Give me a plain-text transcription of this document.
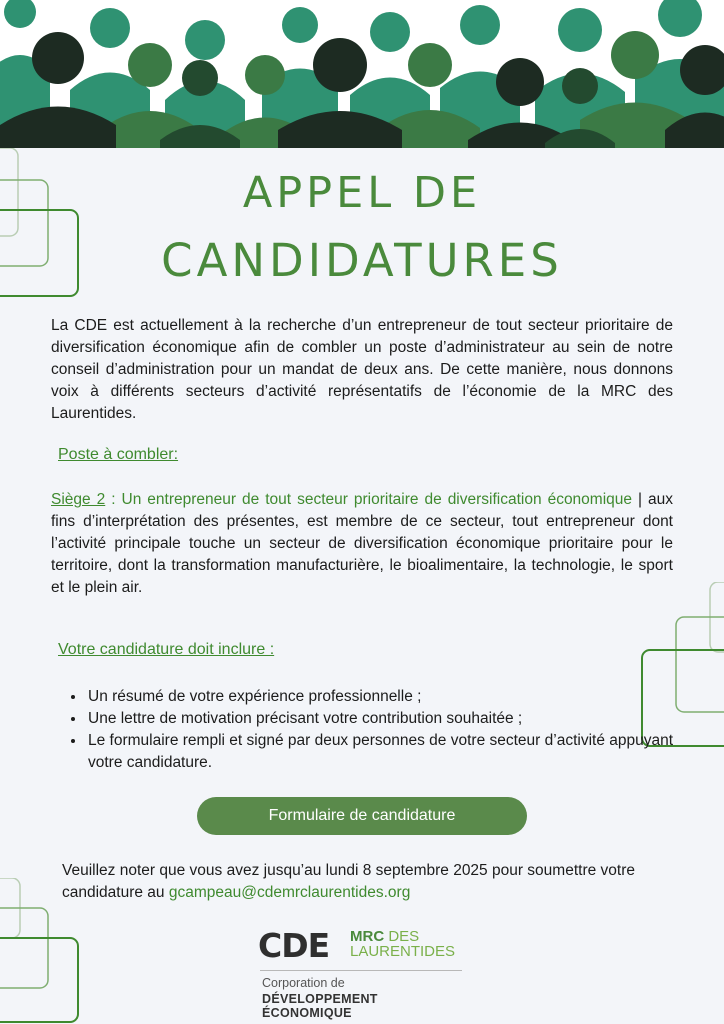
APPEL DE
CANDIDATURES

La CDE est actuellement à la recherche d’un entrepreneur de tout secteur prioritaire de diversification économique afin de combler un poste d’administrateur au sein de notre conseil d’administration pour un mandat de deux ans. De cette manière, nous donnons voix à différents secteurs d’activité représentatifs de l’économie de la MRC des Laurentides.

Poste à combler:

Siège 2 : Un entrepreneur de tout secteur prioritaire de diversification économique | aux fins d’interprétation des présentes, est membre de ce secteur, tout entrepreneur dont l’activité principale touche un secteur de diversification économique prioritaire pour le territoire, dont la transformation manufacturière, le bioalimentaire, la technologie, le sport et le plein air.

Votre candidature doit inclure :

• Un résumé de votre expérience professionnelle ;
• Une lettre de motivation précisant votre contribution souhaitée ;
• Le formulaire rempli et signé par deux personnes de votre secteur d’activité appuyant votre candidature.
Formulaire de candidature

Veuillez noter que vous avez jusqu’au lundi 8 septembre 2025 pour soumettre votre candidature au gcampeau@cdemrclaurentides.org

CDE MRC DES
LAURENTIDES
Corporation de
DÉVELOPPEMENT ÉCONOMIQUE
